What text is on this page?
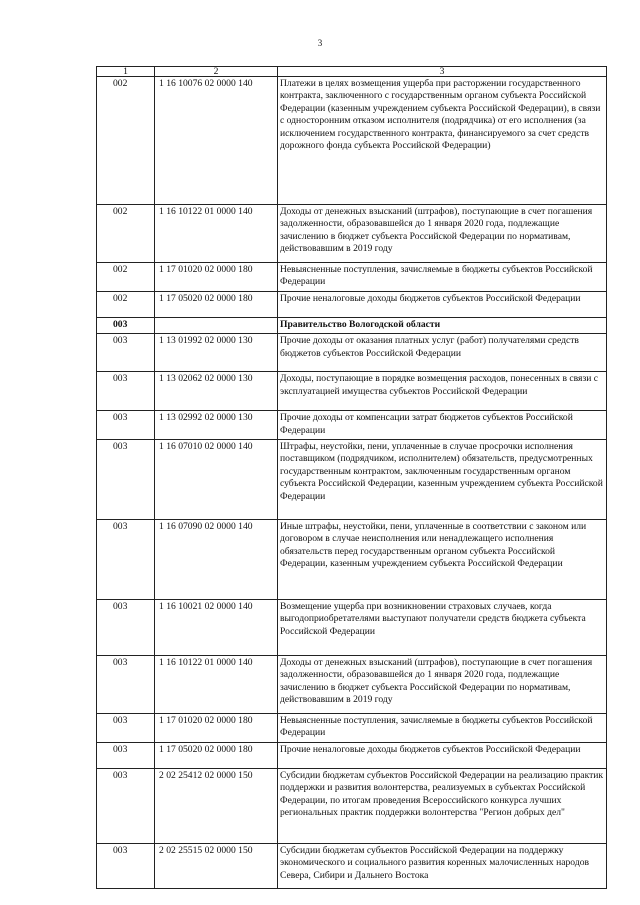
3
1	2	3
002	1 16 10076 02 0000 140	Платежи в целях возмещения ущерба при расторжении государственного контракта, заключенного с государственным органом субъекта Российской Федерации (казенным учреждением субъекта Российской Федерации), в связи с односторонним отказом исполнителя (подрядчика) от его исполнения (за исключением государственного контракта, финансируемого за счет средств дорожного фонда субъекта Российской Федерации)
002	1 16 10122 01 0000 140	Доходы от денежных взысканий (штрафов), поступающие в счет погашения задолженности, образовавшейся до 1 января 2020 года, подлежащие зачислению в бюджет субъекта Российской Федерации по нормативам, действовавшим в 2019 году
002	1 17 01020 02 0000 180	Невыясненные поступления, зачисляемые в бюджеты субъектов Российской Федерации
002	1 17 05020 02 0000 180	Прочие неналоговые доходы бюджетов субъектов Российской Федерации
003		Правительство Вологодской области
003	1 13 01992 02 0000 130	Прочие доходы от оказания платных услуг (работ) получателями средств бюджетов субъектов Российской Федерации
003	1 13 02062 02 0000 130	Доходы, поступающие в порядке возмещения расходов, понесенных в связи с эксплуатацией имущества субъектов Российской Федерации
003	1 13 02992 02 0000 130	Прочие доходы от компенсации затрат бюджетов субъектов Российской Федерации
003	1 16 07010 02 0000 140	Штрафы, неустойки, пени, уплаченные в случае просрочки исполнения поставщиком (подрядчиком, исполнителем) обязательств, предусмотренных государственным контрактом, заключенным государственным органом субъекта Российской Федерации, казенным учреждением субъекта Российской Федерации
003	1 16 07090 02 0000 140	Иные штрафы, неустойки, пени, уплаченные в соответствии с законом или договором в случае неисполнения или ненадлежащего исполнения обязательств перед государственным органом субъекта Российской Федерации, казенным учреждением субъекта Российской Федерации
003	1 16 10021 02 0000 140	Возмещение ущерба при возникновении страховых случаев, когда выгодоприобретателями выступают получатели средств бюджета субъекта Российской Федерации
003	1 16 10122 01 0000 140	Доходы от денежных взысканий (штрафов), поступающие в счет погашения задолженности, образовавшейся до 1 января 2020 года, подлежащие зачислению в бюджет субъекта Российской Федерации по нормативам, действовавшим в 2019 году
003	1 17 01020 02 0000 180	Невыясненные поступления, зачисляемые в бюджеты субъектов Российской Федерации
003	1 17 05020 02 0000 180	Прочие неналоговые доходы бюджетов субъектов Российской Федерации
003	2 02 25412 02 0000 150	Субсидии бюджетам субъектов Российской Федерации на реализацию практик поддержки и развития волонтерства, реализуемых в субъектах Российской Федерации, по итогам проведения Всероссийского конкурса лучших региональных практик поддержки волонтерства "Регион добрых дел"
003	2 02 25515 02 0000 150	Субсидии бюджетам субъектов Российской Федерации на поддержку экономического и социального развития коренных малочисленных народов Севера, Сибири и Дальнего Востока
